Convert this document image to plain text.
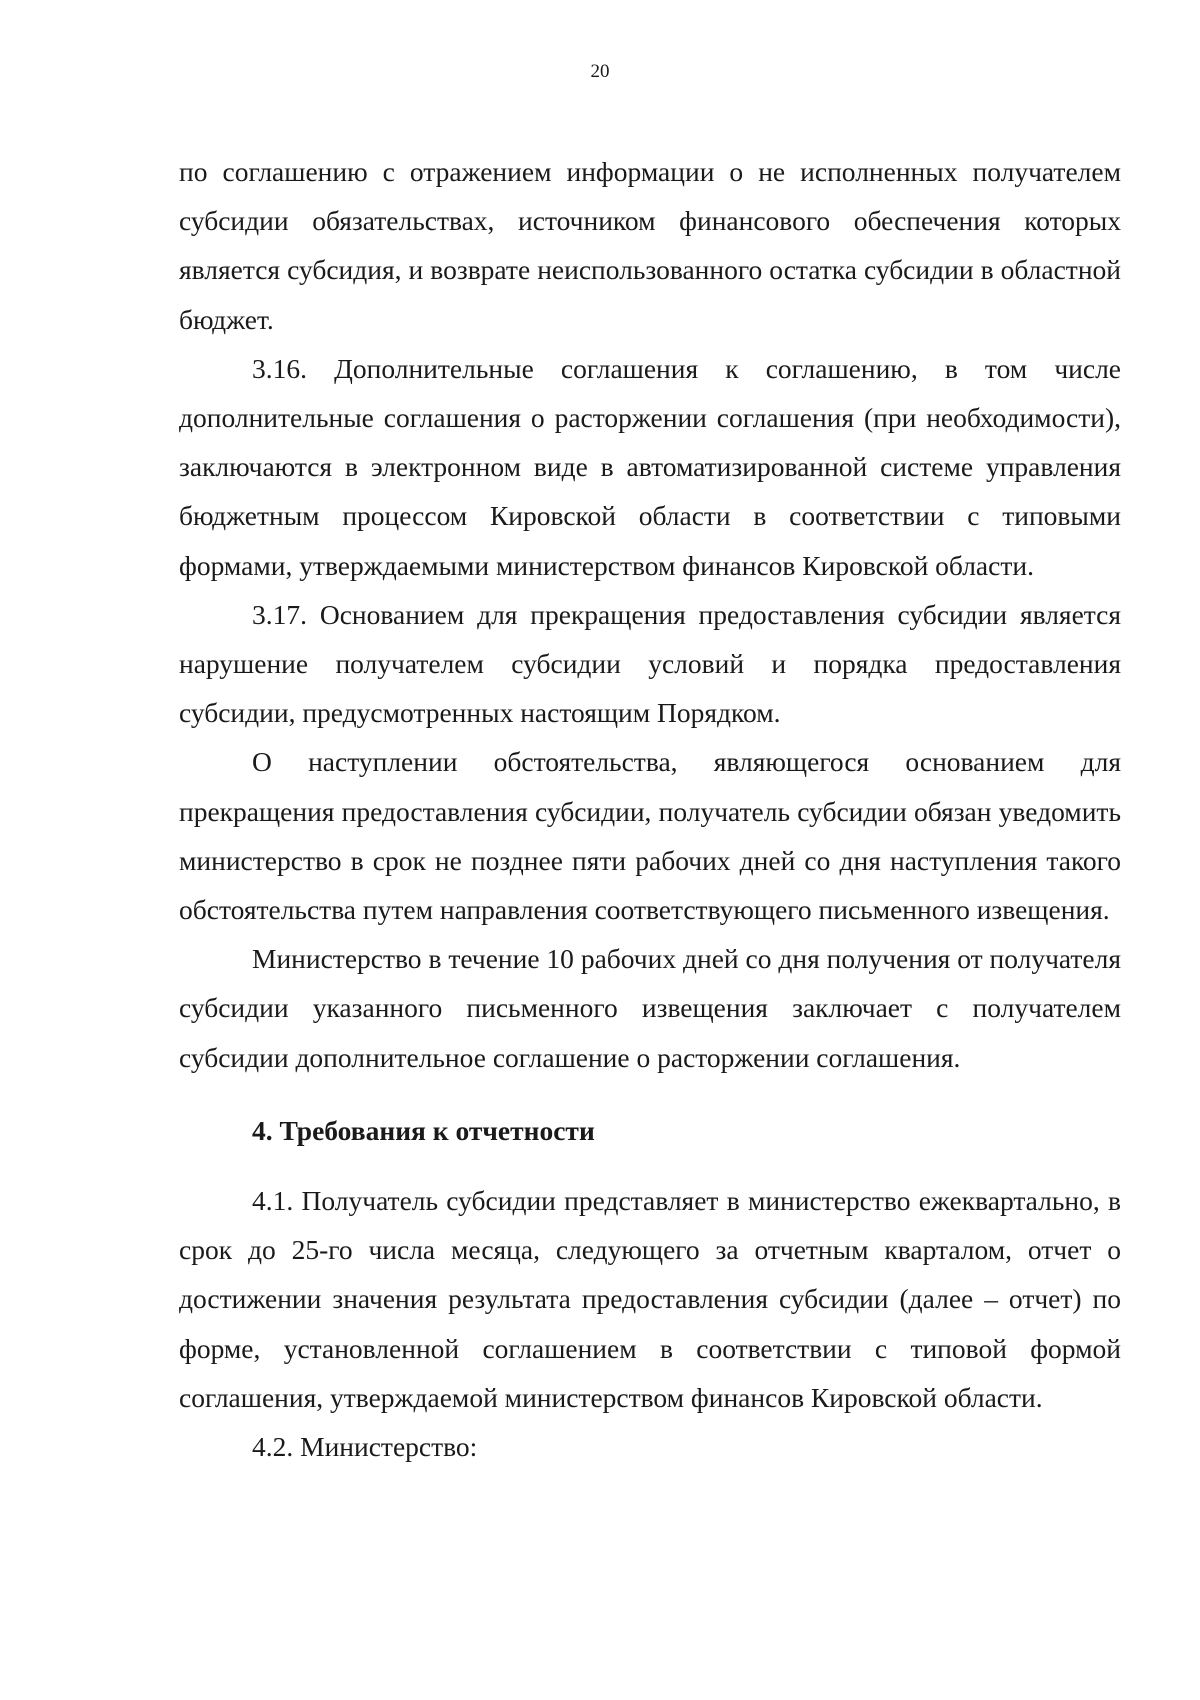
20

по соглашению с отражением информации о не исполненных получателем субсидии обязательствах, источником финансового обеспечения которых является субсидия, и возврате неиспользованного остатка субсидии в областной бюджет.

3.16. Дополнительные соглашения к соглашению, в том числе дополнительные соглашения о расторжении соглашения (при необходимости), заключаются в электронном виде в автоматизированной системе управления бюджетным процессом Кировской области в соответствии с типовыми формами, утверждаемыми министерством финансов Кировской области.

3.17. Основанием для прекращения предоставления субсидии является нарушение получателем субсидии условий и порядка предоставления субсидии, предусмотренных настоящим Порядком.

О наступлении обстоятельства, являющегося основанием для прекращения предоставления субсидии, получатель субсидии обязан уведомить министерство в срок не позднее пяти рабочих дней со дня наступления такого обстоятельства путем направления соответствующего письменного извещения.

Министерство в течение 10 рабочих дней со дня получения от получателя субсидии указанного письменного извещения заключает с получателем субсидии дополнительное соглашение о расторжении соглашения.

4. Требования к отчетности

4.1. Получатель субсидии представляет в министерство ежеквартально, в срок до 25-го числа месяца, следующего за отчетным кварталом, отчет о достижении значения результата предоставления субсидии (далее – отчет) по форме, установленной соглашением в соответствии с типовой формой соглашения, утверждаемой министерством финансов Кировской области.

4.2. Министерство:
